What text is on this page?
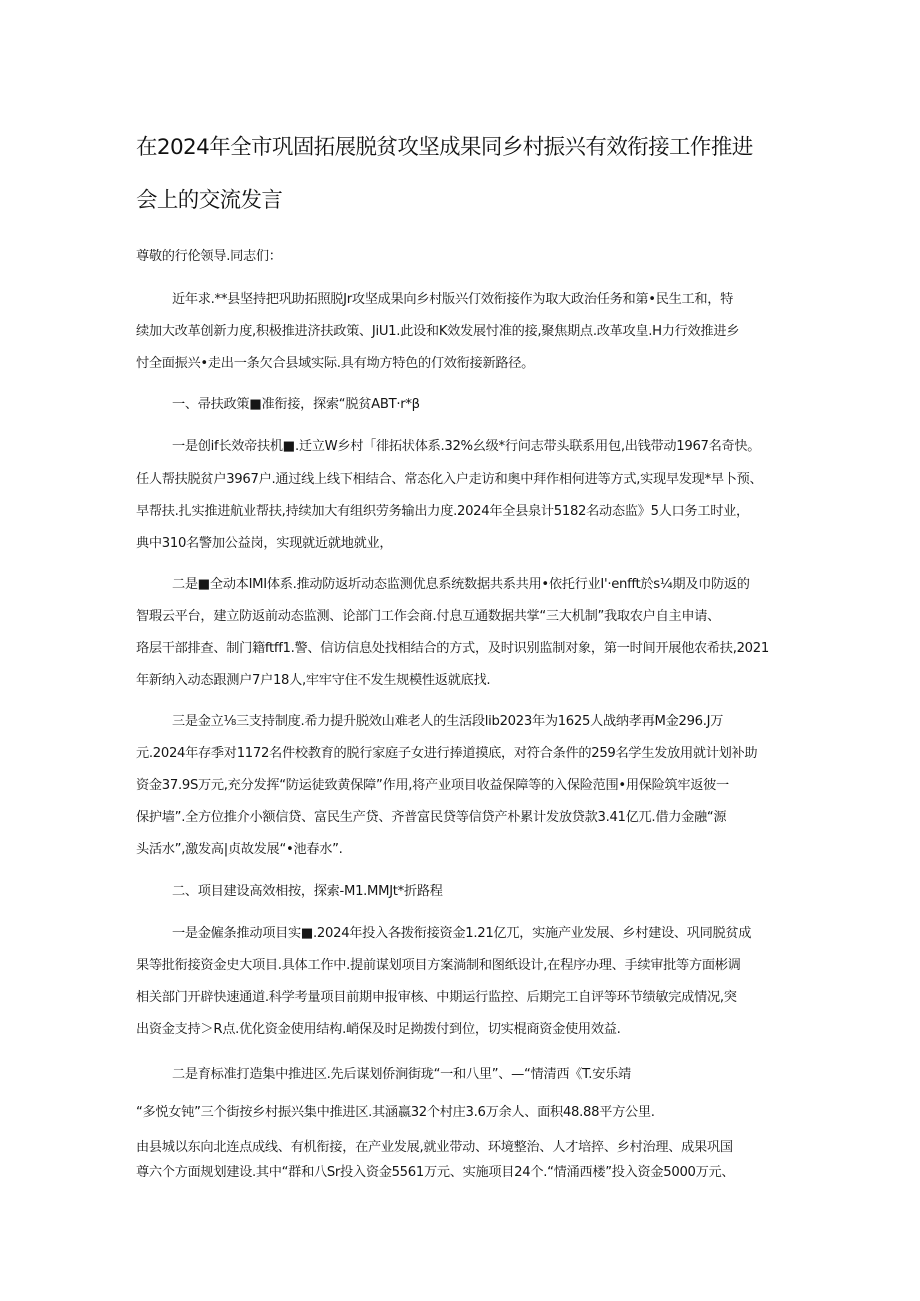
在2024年全市巩固拓展脱贫攻坚成果同乡村振兴有效衔接工作推进
会上的交流发言
尊敬的行伦领导.同志们：
近年求.**县坚持把巩助拓照脱Jr攻坚成果向乡村版兴仃效衔接作为取大政治任务和第•民生工和，特
续加大改革创新力度,积极推进济扶政策、JiU1.此设和K效发展忖准的接,聚焦期点.改革攻皇.H力行效推进乡
忖全面振兴•走出一条欠合县域实际.具有坳方特色的仃效衔接新路径。
一、帚扶政策■准衔接，探索“脱贫ABT·r*β
一是创if长效帝扶机■.迁立W乡村「徘拓状体系.32%幺级*行问志带头联系用包,出钱带动1967名奇快。
任人帮扶脱贫户3967户.通过线上线下相结合、常态化入户走访和奥中拜作相何进等方式,实现早发现*早卜预、
早帮扶.扎实推进航业帮扶,持续加大有组织劳务输出力度.2024年全县泉计5182名动态监》5人口务工时业，
典中310名警加公益岗，实现就近就地就业，
二是■全动本IMI体系.推动防返圻动态监测优息系统数据共系共用•依托行业I'·enfft於s¼期及巾防返的
智瑕云平台，建立防返前动态监测、论部门工作会商.付息互通数据共掌“三大机制”我取农户自主申请、
珞层干部排查、制门籍ftff1.警、信访信息处找相结合的方式，及时识别监制对象，第一时间开展他农希扶,2021
年新纳入动态跟测户7户18人,牢牢守住不发生规模性返就底找.
三是金立⅛三支持制度.希力提升脱效山难老人的生活段lib2023年为1625人战纳孝再M金296.J万
元.2024年存季对1172名件校教育的脱行家庭子女进行捧道摸底，对符合条件的259名学生发放用就计划补助
资金37.9S万元,充分发挥“防运徒致黄保障”作用,将产业项目收益保障等的入保险范围•用保险筑牢返彼一
保护墙”.全方位推介小额信贷、富民生产贷、齐普富民贷等信贷产朴累计发放贷款3.41亿兀.借力金融“源
头活水”,激发高|贞故发展“•池春水”.
二、项目建设高效相按，探索-M1.MMJt*折路程
一是金僱条推动项目实■.2024年投入各拨衔接资金1.21亿兀，实施产业发展、乡村建设、巩同脱贫成
果等批衔接资金史大项目.具体工作中.提前谋划项目方案淌制和图纸设计,在程序办理、手续审批等方面彬调
相关部门开辟快速通道.科学考量项目前期申报审核、中期运行监控、后期完工自评等环节绩敏完成情况,突
出资金支持＞R点.优化资金使用结构.峭保及时足拗拨付到位，切实棍商资金使用效益.
二是育标准打造集中推进区.先后谋划侨涧街珑“一和八里”、—“情清西《T.安乐靖
“多悦女钝”三个街按乡村振兴集中推进区.其涵嬴32个村庄3.6万余人、面积48.88平方公里.
由县城以东向北连点成线、有机衔接，在产业发展,就业带动、环境整治、人才培捽、乡村治理、成果巩国
尊六个方面规划建设.其中“群和八Sr投入资金5561万元、实施项目24个.“情涌西楼”投入资金5000万元、
